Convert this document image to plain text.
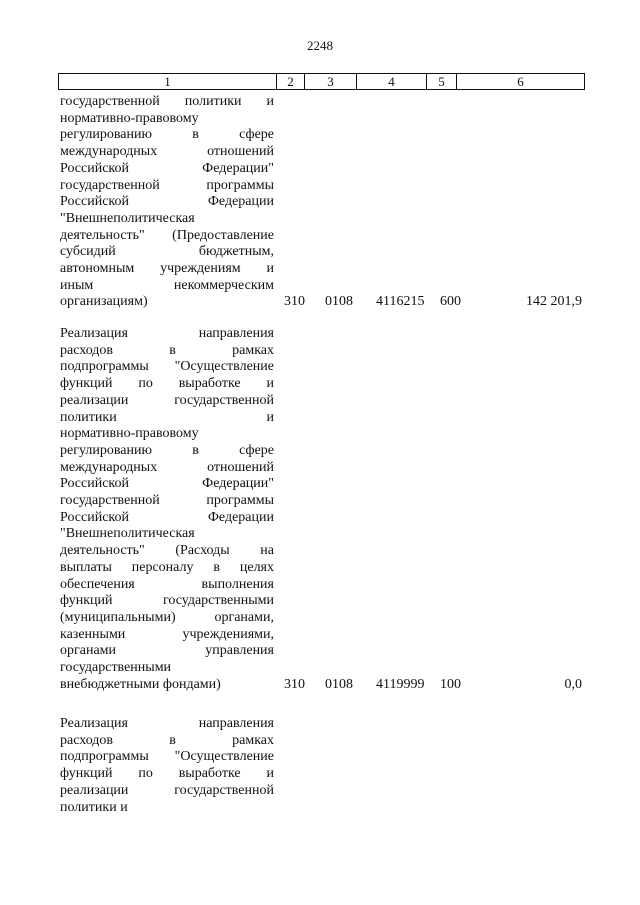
2248
1	2	3	4	5	6
государственной политики и
нормативно-правовому
регулированию в сфере
международных отношений
Российской Федерации"
государственной программы
Российской Федерации
"Внешнеполитическая
деятельность" (Предоставление
субсидий бюджетным,
автономным учреждениям и
иным некоммерческим
организациям)	310 0108 4116215 600	142 201,9
Реализация направления
расходов в рамках
подпрограммы "Осуществление
функций по выработке и
реализации государственной
политики и
нормативно-правовому
регулированию в сфере
международных отношений
Российской Федерации"
государственной программы
Российской Федерации
"Внешнеполитическая
деятельность" (Расходы на
выплаты персоналу в целях
обеспечения выполнения
функций государственными
(муниципальными) органами,
казенными учреждениями,
органами управления
государственными
внебюджетными фондами)	310 0108 4119999 100	0,0
Реализация направления
расходов в рамках
подпрограммы "Осуществление
функций по выработке и
реализации государственной
политики и
